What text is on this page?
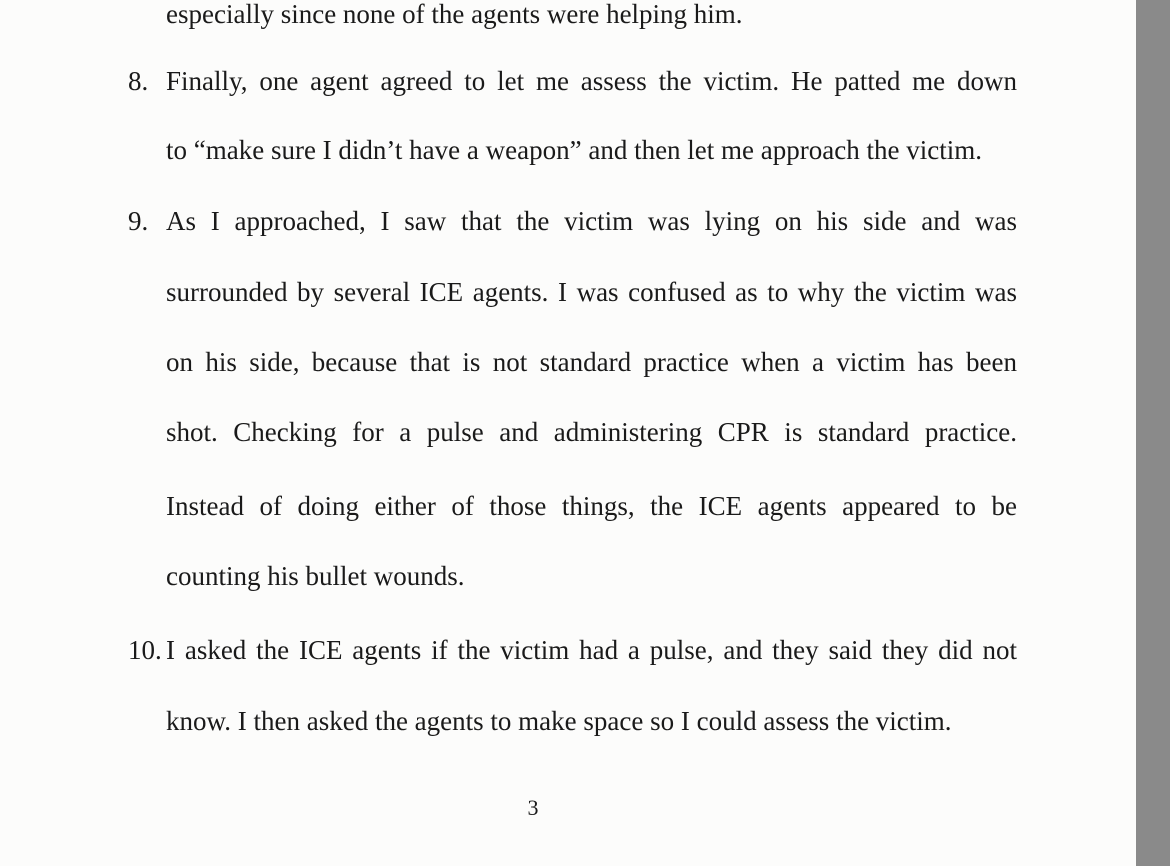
especially since none of the agents were helping him.
8. Finally, one agent agreed to let me assess the victim. He patted me down
to “make sure I didn’t have a weapon” and then let me approach the victim.
9. As I approached, I saw that the victim was lying on his side and was
surrounded by several ICE agents. I was confused as to why the victim was
on his side, because that is not standard practice when a victim has been
shot. Checking for a pulse and administering CPR is standard practice.
Instead of doing either of those things, the ICE agents appeared to be
counting his bullet wounds.
10. I asked the ICE agents if the victim had a pulse, and they said they did not
know. I then asked the agents to make space so I could assess the victim.
3
